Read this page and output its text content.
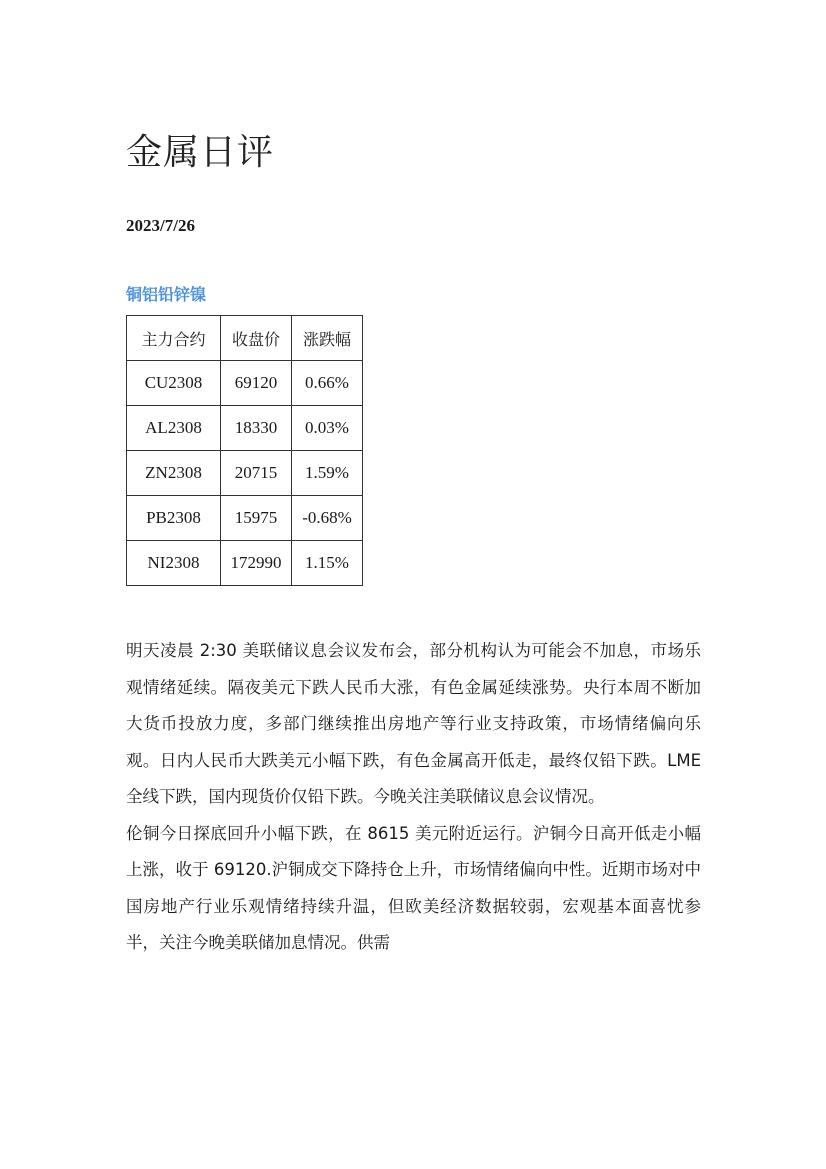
金属日评
2023/7/26
铜铝铅锌镍
主力合约	收盘价	涨跌幅
CU2308	69120	0.66%
AL2308	18330	0.03%
ZN2308	20715	1.59%
PB2308	15975	-0.68%
NI2308	172990	1.15%

明天凌晨 2:30 美联储议息会议发布会，部分机构认为可能会不加息，市场乐观情绪延续。隔夜美元下跌人民币大涨，有色金属延续涨势。央行本周不断加大货币投放力度，多部门继续推出房地产等行业支持政策，市场情绪偏向乐观。日内人民币大跌美元小幅下跌，有色金属高开低走，最终仅铅下跌。LME 全线下跌，国内现货价仅铅下跌。今晚关注美联储议息会议情况。

伦铜今日探底回升小幅下跌，在 8615 美元附近运行。沪铜今日高开低走小幅上涨，收于 69120.沪铜成交下降持仓上升，市场情绪偏向中性。近期市场对中国房地产行业乐观情绪持续升温，但欧美经济数据较弱，宏观基本面喜忧参半，关注今晚美联储加息情况。供需
